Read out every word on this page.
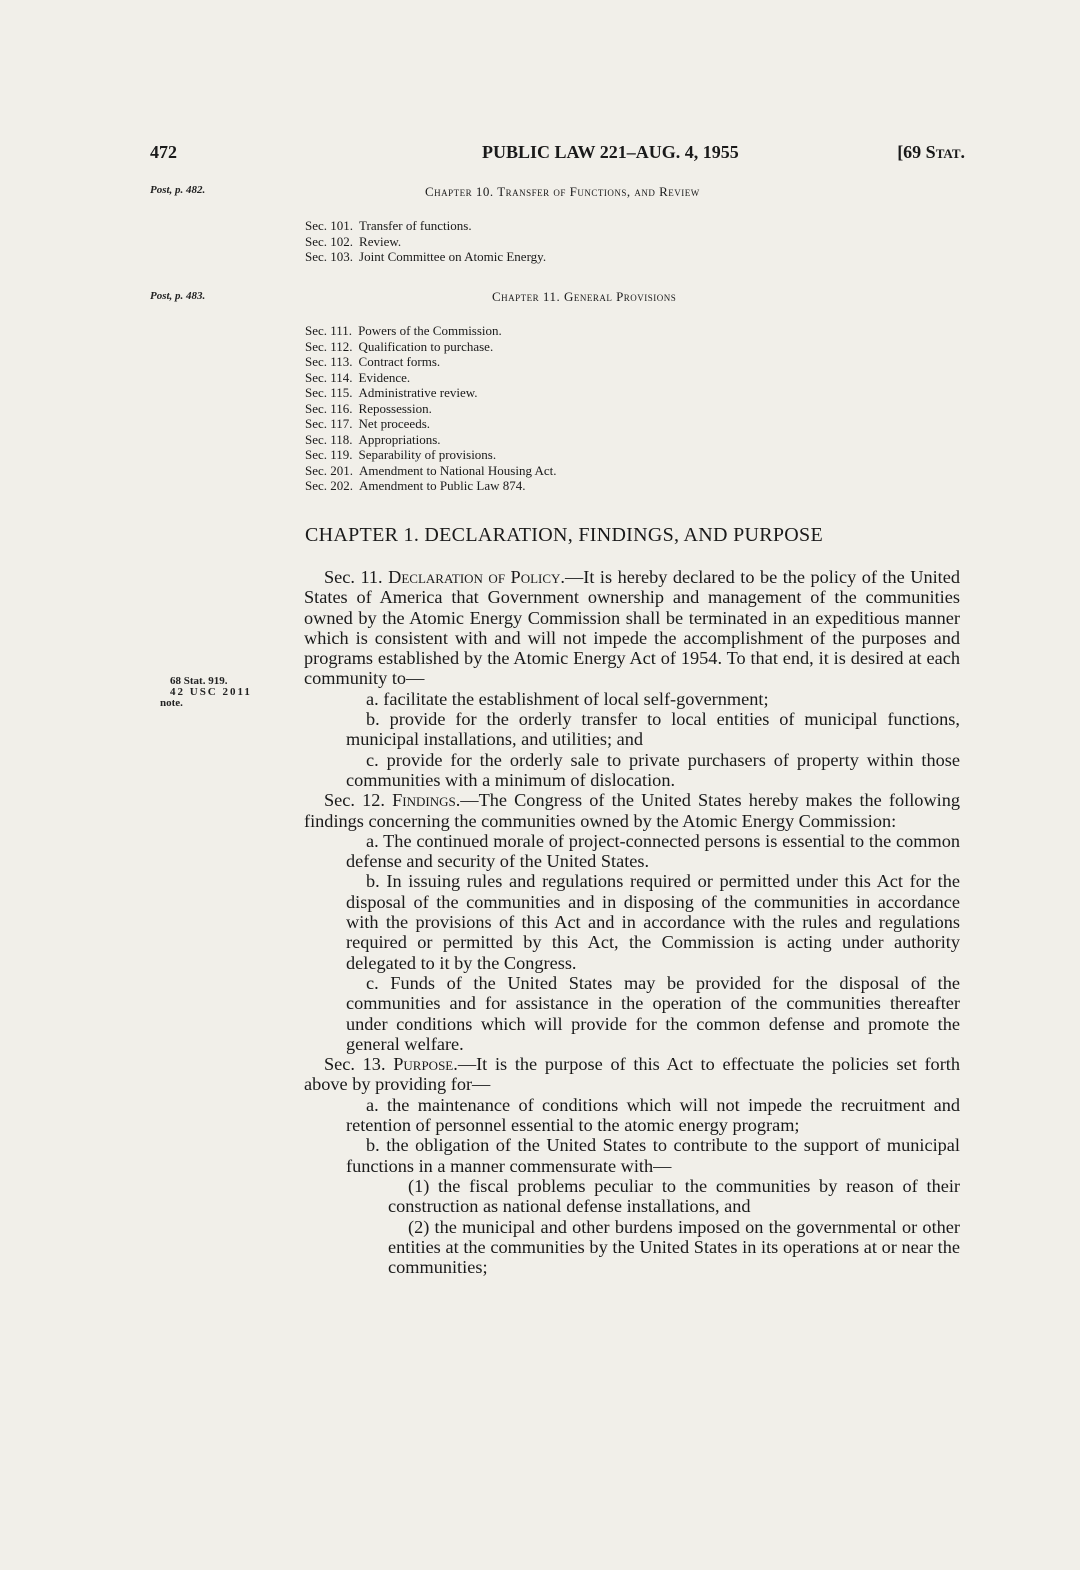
472	PUBLIC LAW 221–AUG. 4, 1955	[69 Stat.
Post, p. 482.	Chapter 10. Transfer of Functions, and Review
Sec. 101. Transfer of functions.
Sec. 102. Review.
Sec. 103. Joint Committee on Atomic Energy.
Post, p. 483.	Chapter 11. General Provisions
Sec. 111. Powers of the Commission.
Sec. 112. Qualification to purchase.
Sec. 113. Contract forms.
Sec. 114. Evidence.
Sec. 115. Administrative review.
Sec. 116. Repossession.
Sec. 117. Net proceeds.
Sec. 118. Appropriations.
Sec. 119. Separability of provisions.
Sec. 201. Amendment to National Housing Act.
Sec. 202. Amendment to Public Law 874.
CHAPTER 1. DECLARATION, FINDINGS, AND PURPOSE
68 Stat. 919.
42 USC 2011
note.

Sec. 11. Declaration of Policy.—It is hereby declared to be the policy of the United States of America that Government ownership and management of the communities owned by the Atomic Energy Commission shall be terminated in an expeditious manner which is consistent with and will not impede the accomplishment of the purposes and programs established by the Atomic Energy Act of 1954. To that end, it is desired at each community to—

a. facilitate the establishment of local self-government;

b. provide for the orderly transfer to local entities of municipal functions, municipal installations, and utilities; and

c. provide for the orderly sale to private purchasers of property within those communities with a minimum of dislocation.

Sec. 12. Findings.—The Congress of the United States hereby makes the following findings concerning the communities owned by the Atomic Energy Commission:

a. The continued morale of project-connected persons is essential to the common defense and security of the United States.

b. In issuing rules and regulations required or permitted under this Act for the disposal of the communities and in disposing of the communities in accordance with the provisions of this Act and in accordance with the rules and regulations required or permitted by this Act, the Commission is acting under authority delegated to it by the Congress.

c. Funds of the United States may be provided for the disposal of the communities and for assistance in the operation of the communities thereafter under conditions which will provide for the common defense and promote the general welfare.

Sec. 13. Purpose.—It is the purpose of this Act to effectuate the policies set forth above by providing for—

a. the maintenance of conditions which will not impede the recruitment and retention of personnel essential to the atomic energy program;

b. the obligation of the United States to contribute to the support of municipal functions in a manner commensurate with—

(1) the fiscal problems peculiar to the communities by reason of their construction as national defense installations, and

(2) the municipal and other burdens imposed on the governmental or other entities at the communities by the United States in its operations at or near the communities;
